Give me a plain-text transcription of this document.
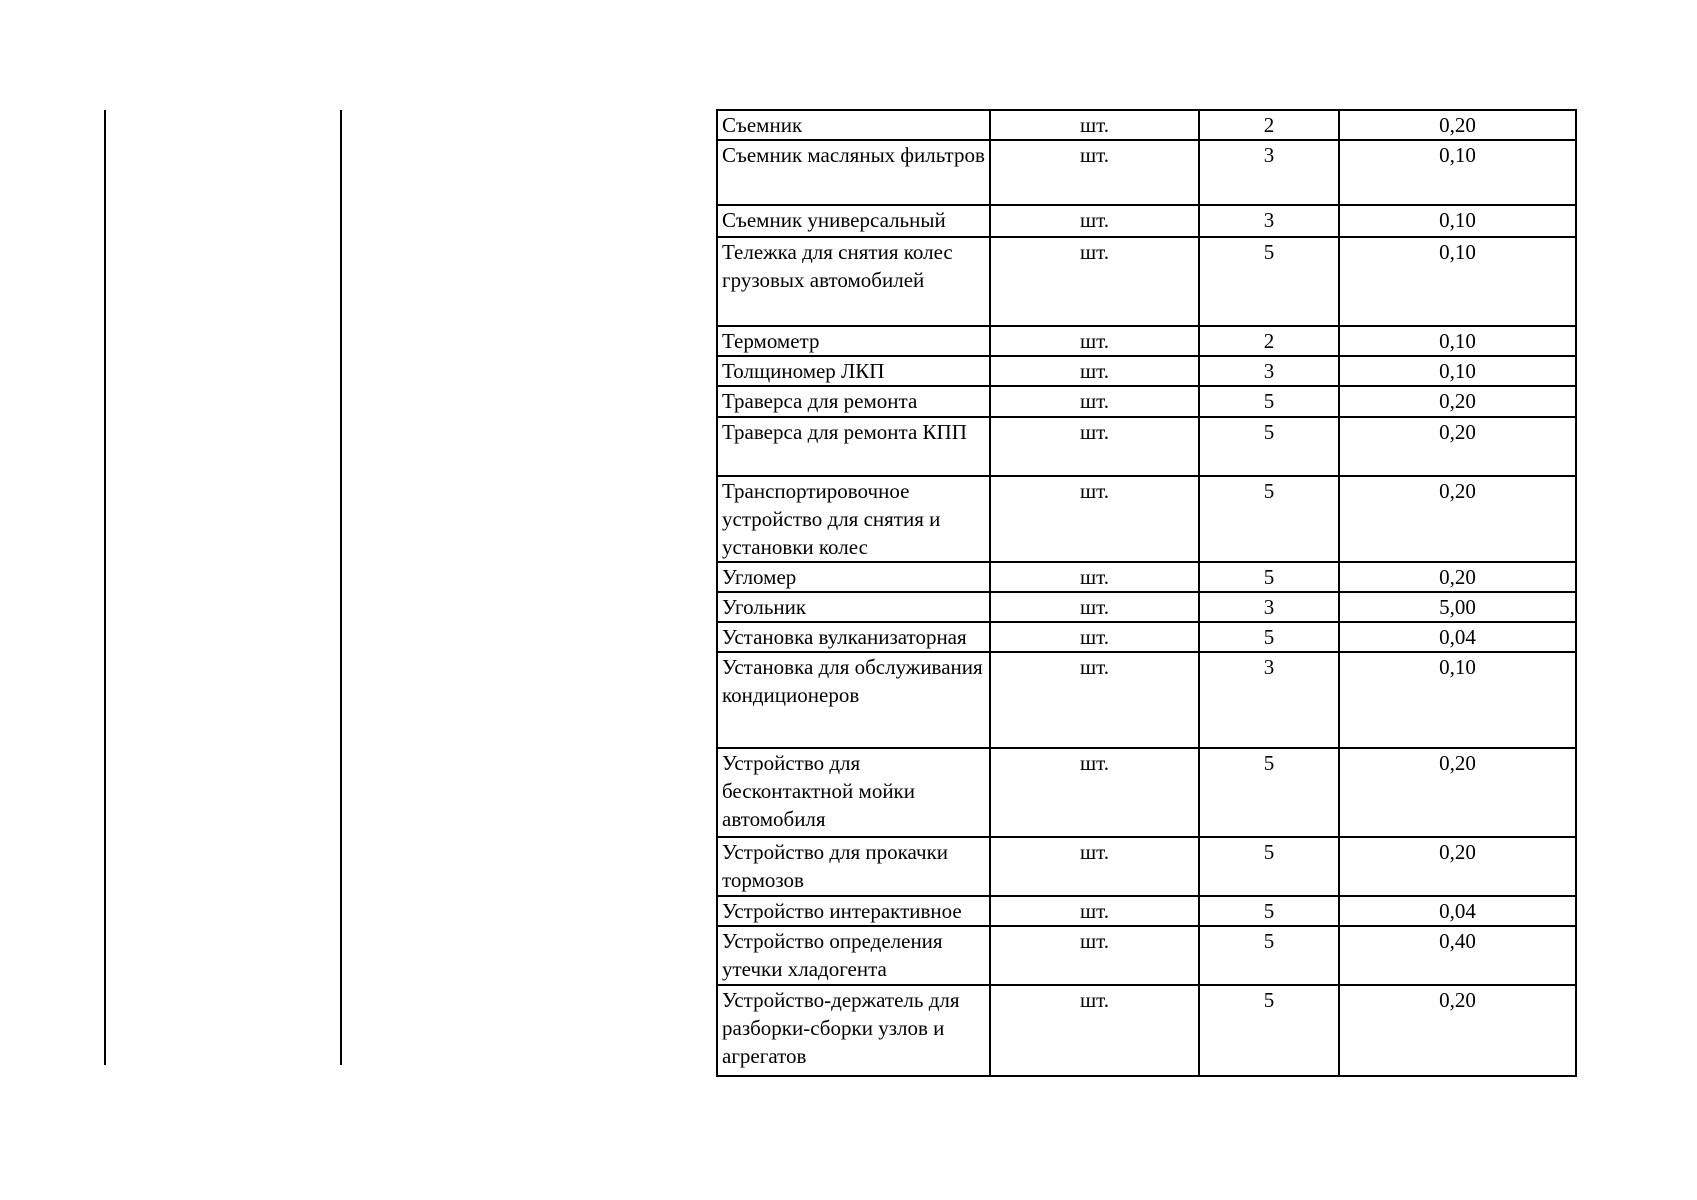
Съемник	шт.	2	0,20
Съемник масляных фильтров	шт.	3	0,10
Съемник универсальный	шт.	3	0,10
Тележка для снятия колес грузовых автомобилей	шт.	5	0,10
Термометр	шт.	2	0,10
Толщиномер ЛКП	шт.	3	0,10
Траверса для ремонта	шт.	5	0,20
Траверса для ремонта КПП	шт.	5	0,20
Транспортировочное устройство для снятия и установки колес	шт.	5	0,20
Угломер	шт.	5	0,20
Угольник	шт.	3	5,00
Установка вулканизаторная	шт.	5	0,04
Установка для обслуживания кондиционеров	шт.	3	0,10
Устройство для бесконтактной мойки автомобиля	шт.	5	0,20
Устройство для прокачки тормозов	шт.	5	0,20
Устройство интерактивное	шт.	5	0,04
Устройство определения утечки хладогента	шт.	5	0,40
Устройство-держатель для разборки-сборки узлов и агрегатов	шт.	5	0,20
